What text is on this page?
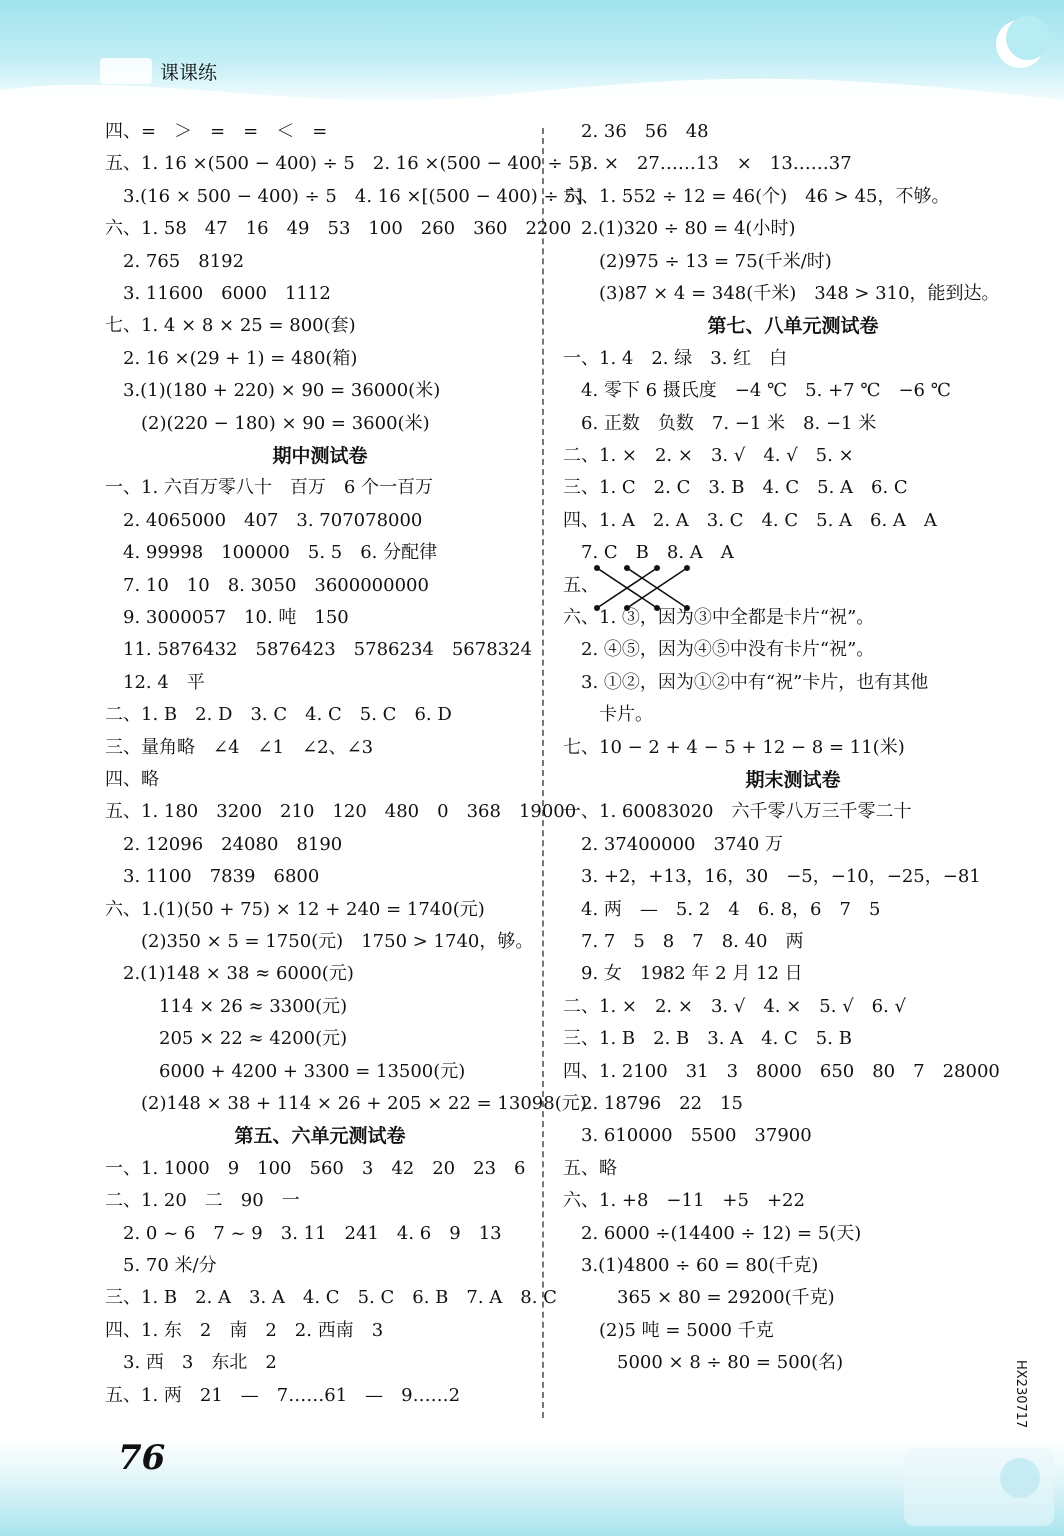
课课练
四、=　＞　=　=　＜　=
五、1. 16 ×(500 − 400) ÷ 5　2. 16 ×(500 − 400 ÷ 5)
　3.(16 × 500 − 400) ÷ 5　4. 16 ×[(500 − 400) ÷ 5]
六、1. 58　47　16　49　53　100　260　360　2200
　2. 765　8192
　3. 11600　6000　1112
七、1. 4 × 8 × 25 = 800(套)
　2. 16 ×(29 + 1) = 480(箱)
　3.(1)(180 + 220) × 90 = 36000(米)
　　(2)(220 − 180) × 90 = 3600(米)
期中测试卷
一、1. 六百万零八十　百万　6 个一百万
　2. 4065000　407　3. 707078000
　4. 99998　100000　5. 5　6. 分配律
　7. 10　10　8. 3050　3600000000
　9. 3000057　10. 吨　150
　11. 5876432　5876423　5786234　5678324
　12. 4　平
二、1. B　2. D　3. C　4. C　5. C　6. D
三、量角略　∠4　∠1　∠2、∠3
四、略
五、1. 180　3200　210　120　480　0　368　19000
　2. 12096　24080　8190
　3. 1100　7839　6800
六、1.(1)(50 + 75) × 12 + 240 = 1740(元)
　　(2)350 × 5 = 1750(元)　1750 > 1740，够。
　2.(1)148 × 38 ≈ 6000(元)
　　　114 × 26 ≈ 3300(元)
　　　205 × 22 ≈ 4200(元)
　　　6000 + 4200 + 3300 = 13500(元)
　　(2)148 × 38 + 114 × 26 + 205 × 22 = 13098(元)
第五、六单元测试卷
一、1. 1000　9　100　560　3　42　20　23　6
二、1. 20　二　90　一
　2. 0 ~ 6　7 ~ 9　3. 11　241　4. 6　9　13
　5. 70 米/分
三、1. B　2. A　3. A　4. C　5. C　6. B　7. A　8. C
四、1. 东　2　南　2　2. 西南　3
　3. 西　3　东北　2
五、1. 两　21　—　7……61　—　9……2
　2. 36　56　48
　3. ×　27……13　×　13……37
六、1. 552 ÷ 12 = 46(个)　46 > 45，不够。
　2.(1)320 ÷ 80 = 4(小时)
　　(2)975 ÷ 13 = 75(千米/时)
　　(3)87 × 4 = 348(千米)　348 > 310，能到达。
第七、八单元测试卷
一、1. 4　2. 绿　3. 红　白
　4. 零下 6 摄氏度　−4 ℃　5. +7 ℃　−6 ℃
　6. 正数　负数　7. −1 米　8. −1 米
二、1. ×　2. ×　3. √　4. √　5. ×
三、1. C　2. C　3. B　4. C　5. A　6. C
四、1. A　2. A　3. C　4. C　5. A　6. A　A
　7. C　B　8. A　A
五、
六、1. ③，因为③中全都是卡片“祝”。
　2. ④⑤，因为④⑤中没有卡片“祝”。
　3. ①②，因为①②中有“祝”卡片，也有其他
　　卡片。
七、10 − 2 + 4 − 5 + 12 − 8 = 11(米)
期末测试卷
一、1. 60083020　六千零八万三千零二十
　2. 37400000　3740 万
　3. +2，+13，16，30　−5，−10，−25，−81
　4. 两　—　5. 2　4　6. 8，6　7　5
　7. 7　5　8　7　8. 40　两
　9. 女　1982 年 2 月 12 日
二、1. ×　2. ×　3. √　4. ×　5. √　6. √
三、1. B　2. B　3. A　4. C　5. B
四、1. 2100　31　3　8000　650　80　7　28000
　2. 18796　22　15
　3. 610000　5500　37900
五、略
六、1. +8　−11　+5　+22
　2. 6000 ÷(14400 ÷ 12) = 5(天)
　3.(1)4800 ÷ 60 = 80(千克)
　　　365 × 80 = 29200(千克)
　　(2)5 吨 = 5000 千克
　　　5000 × 8 ÷ 80 = 500(名)
76
HX230717
